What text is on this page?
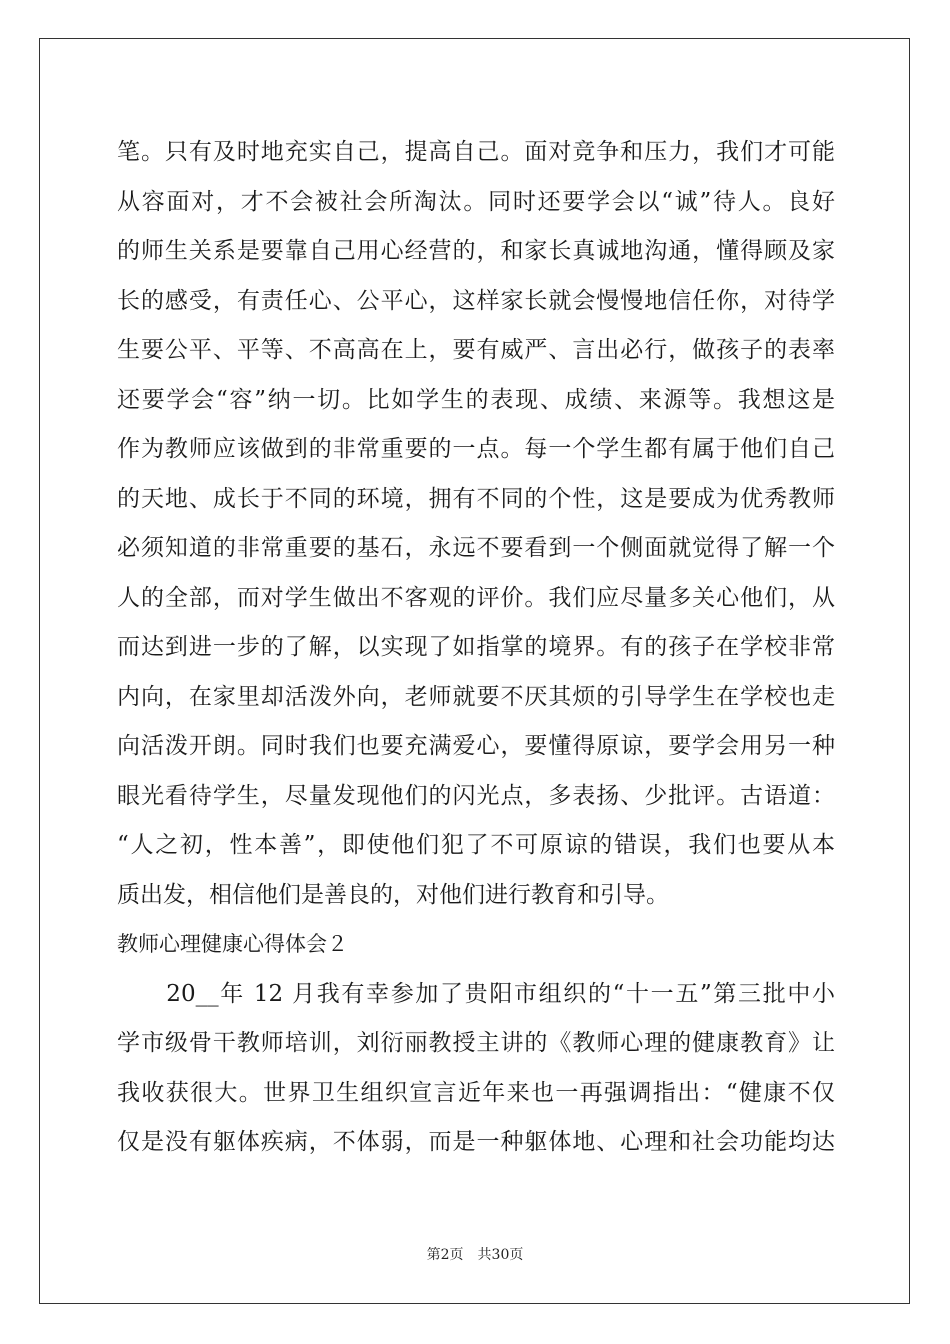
笔。只有及时地充实自己，提高自己。面对竞争和压力，我们才可能
从容面对，才不会被社会所淘汰。同时还要学会以“诚”待人。良好
的师生关系是要靠自己用心经营的，和家长真诚地沟通，懂得顾及家
长的感受，有责任心、公平心，这样家长就会慢慢地信任你，对待学
生要公平、平等、不高高在上，要有威严、言出必行，做孩子的表率
还要学会“容”纳一切。比如学生的表现、成绩、来源等。我想这是
作为教师应该做到的非常重要的一点。每一个学生都有属于他们自己
的天地、成长于不同的环境，拥有不同的个性，这是要成为优秀教师
必须知道的非常重要的基石，永远不要看到一个侧面就觉得了解一个
人的全部，而对学生做出不客观的评价。我们应尽量多关心他们，从
而达到进一步的了解，以实现了如指掌的境界。有的孩子在学校非常
内向，在家里却活泼外向，老师就要不厌其烦的引导学生在学校也走
向活泼开朗。同时我们也要充满爱心，要懂得原谅，要学会用另一种
眼光看待学生，尽量发现他们的闪光点，多表扬、少批评。古语道：
“人之初，性本善”，即使他们犯了不可原谅的错误，我们也要从本
质出发，相信他们是善良的，对他们进行教育和引导。
教师心理健康心得体会２
　　20__年 12 月我有幸参加了贵阳市组织的“十一五”第三批中小
学市级骨干教师培训，刘衍丽教授主讲的《教师心理的健康教育》让
我收获很大。世界卫生组织宣言近年来也一再强调指出：“健康不仅
仅是没有躯体疾病，不体弱，而是一种躯体地、心理和社会功能均达
第2页 共30页
